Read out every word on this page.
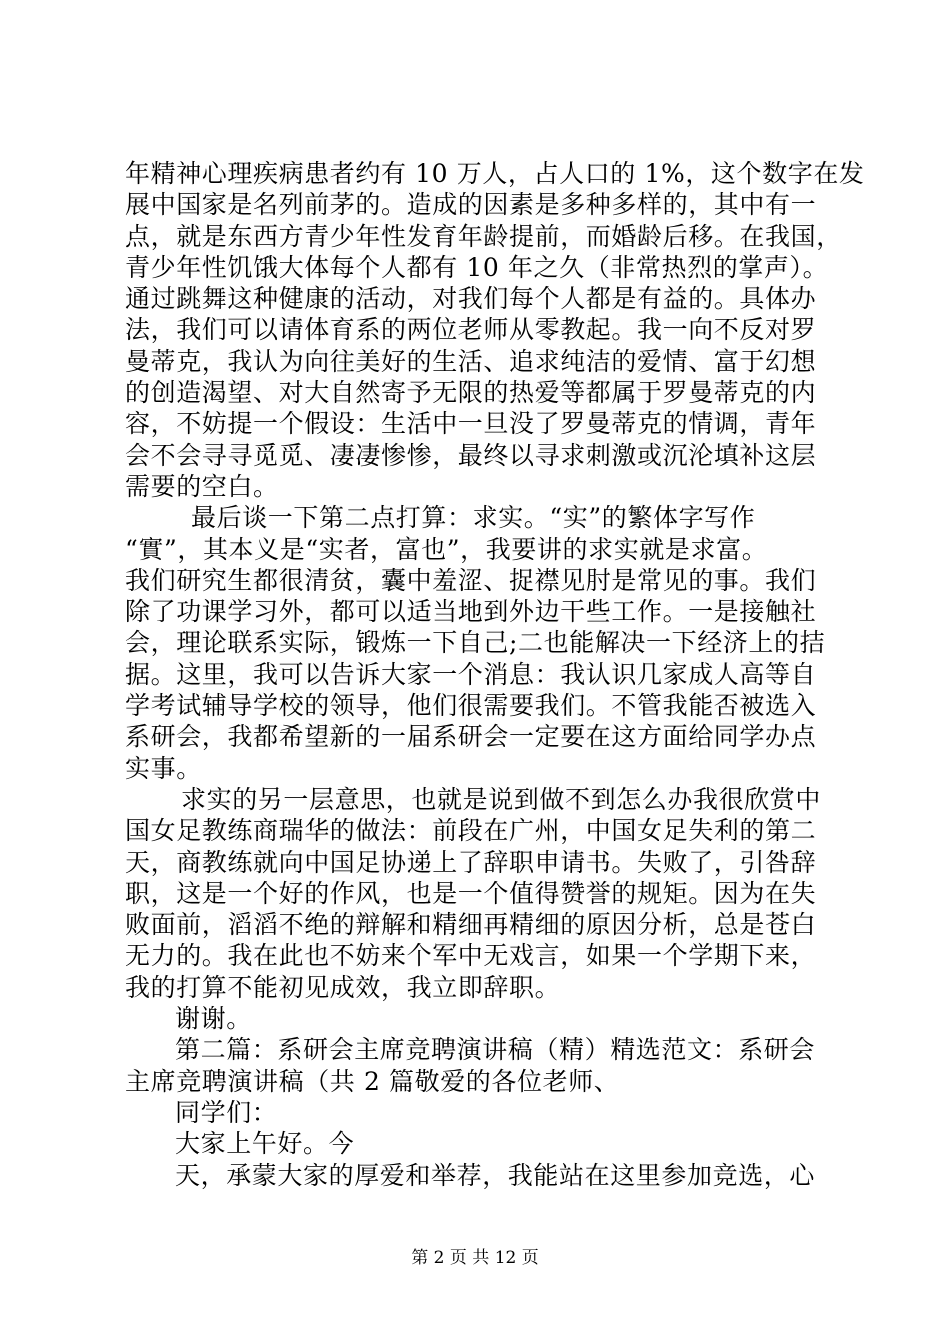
年精神心理疾病患者约有 10 万人，占人口的 1%，这个数字在发
展中国家是名列前茅的。造成的因素是多种多样的，其中有一
点，就是东西方青少年性发育年龄提前，而婚龄后移。在我国，
青少年性饥饿大体每个人都有 10 年之久（非常热烈的掌声）。
通过跳舞这种健康的活动，对我们每个人都是有益的。具体办
法，我们可以请体育系的两位老师从零教起。我一向不反对罗
曼蒂克，我认为向往美好的生活、追求纯洁的爱情、富于幻想
的创造渴望、对大自然寄予无限的热爱等都属于罗曼蒂克的内
容，不妨提一个假设：生活中一旦没了罗曼蒂克的情调，青年
会不会寻寻觅觅、凄凄惨惨，最终以寻求刺激或沉沦填补这层
需要的空白。
最后谈一下第二点打算：求实。“实”的繁体字写作
“實”，其本义是“实者，富也”，我要讲的求实就是求富。
我们研究生都很清贫，囊中羞涩、捉襟见肘是常见的事。我们
除了功课学习外，都可以适当地到外边干些工作。一是接触社
会，理论联系实际，锻炼一下自己;二也能解决一下经济上的拮
据。这里，我可以告诉大家一个消息：我认识几家成人高等自
学考试辅导学校的领导，他们很需要我们。不管我能否被选入
系研会，我都希望新的一届系研会一定要在这方面给同学办点
实事。
求实的另一层意思，也就是说到做不到怎么办我很欣赏中
国女足教练商瑞华的做法：前段在广州，中国女足失利的第二
天，商教练就向中国足协递上了辞职申请书。失败了，引咎辞
职，这是一个好的作风，也是一个值得赞誉的规矩。因为在失
败面前，滔滔不绝的辩解和精细再精细的原因分析，总是苍白
无力的。我在此也不妨来个军中无戏言，如果一个学期下来，
我的打算不能初见成效，我立即辞职。
谢谢。
第二篇：系研会主席竞聘演讲稿（精）精选范文：系研会
主席竞聘演讲稿（共 2 篇敬爱的各位老师、
同学们：
大家上午好。今
天，承蒙大家的厚爱和举荐，我能站在这里参加竞选，心
第 2 页 共 12 页
